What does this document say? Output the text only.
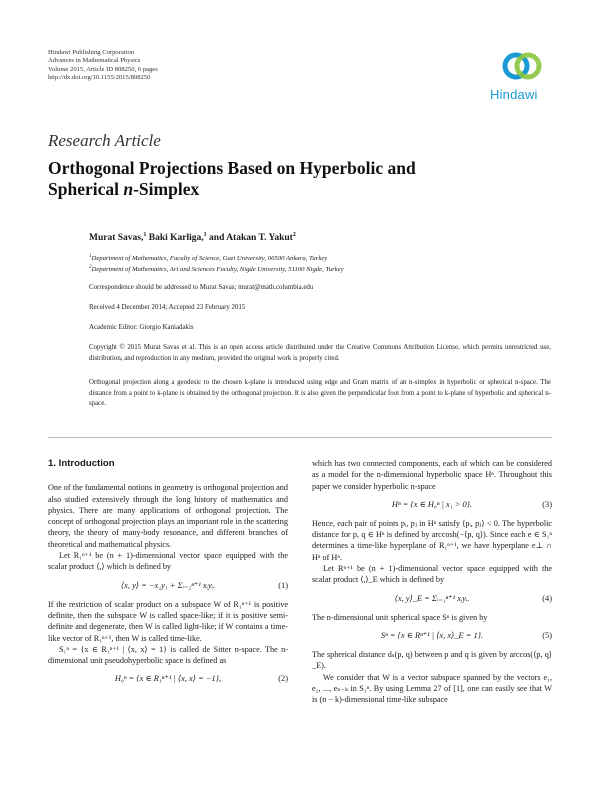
Hindawi Publishing Corporation
Advances in Mathematical Physics
Volume 2015, Article ID 808250, 6 pages
http://dx.doi.org/10.1155/2015/808250
Hindawi
Research Article
Orthogonal Projections Based on Hyperbolic and
Spherical n-Simplex
Murat Savas,$^1$ Baki Karliga,$^1$ and Atakan T. Yakut$^2$
$^1$Department of Mathematics, Faculty of Science, Gazi University, 06500 Ankara, Turkey
$^2$Department of Mathematics, Art and Sciences Faculty, Nigde University, 51100 Nigde, Turkey
Correspondence should be addressed to Murat Savas; murat@math.columbia.edu
Received 4 December 2014; Accepted 23 February 2015
Academic Editor: Giorgio Kaniadakis
Copyright © 2015 Murat Savas et al. This is an open access article distributed under the Creative Commons Attribution License, which permits unrestricted use, distribution, and reproduction in any medium, provided the original work is properly cited.
Orthogonal projection along a geodesic to the chosen k-plane is introduced using edge and Gram matrix of an n-simplex in hyperbolic or spherical n-space. The distance from a point to k-plane is obtained by the orthogonal projection. It is also given the perpendicular foot from a point to k-plane of hyperbolic and spherical n-space.
1. Introduction

One of the fundamental notions in geometry is orthogonal projection and also studied extensively through the long history of mathematics and physics. There are many applications of orthogonal projection. The concept of orthogonal projection plays an important role in the scattering theory, the theory of many-body resonance, and different branches of theoretical and mathematical physics.

Let R₁ⁿ⁺¹ be (n + 1)-dimensional vector space equipped with the scalar product ⟨,⟩ which is defined by

⟨x, y⟩ = −x₁y₁ + Σᵢ₌₂ⁿ⁺¹ xᵢyᵢ.	(1)

If the restriction of scalar product on a subspace W of R₁ⁿ⁺¹ is positive definite, then the subspace W is called space-like; if it is positive semi-definite and degenerate, then W is called light-like; if W contains a time-like vector of R₁ⁿ⁺¹, then W is called time-like.

S₁ⁿ = {x ∈ R₁ⁿ⁺¹ | ⟨x, x⟩ = 1} is called de Sitter n-space. The n-dimensional unit pseudohyperbolic space is defined as

H₀ⁿ = {x ∈ R₁ⁿ⁺¹ | ⟨x, x⟩ = −1},	(2)

which has two connected components, each of which can be considered as a model for the n-dimensional hyperbolic space Hⁿ. Throughout this paper we consider hyperbolic n-space

Hⁿ = {x ∈ H₀ⁿ | x₁ > 0}.	(3)

Hence, each pair of points pᵢ, pⱼ in Hⁿ satisfy ⟨pᵢ, pⱼ⟩ < 0. The hyperbolic distance for p, q ∈ Hⁿ is defined by arccosh(−⟨p, q⟩). Since each e ∈ S₁ⁿ determines a time-like hyperplane of R₁ⁿ⁺¹, we have hyperplane e⊥ ∩ Hⁿ of Hⁿ.

Let Rⁿ⁺¹ be (n + 1)-dimensional vector space equipped with the scalar product ⟨,⟩_E which is defined by

⟨x, y⟩_E = Σᵢ₌₁ⁿ⁺¹ xᵢyᵢ.	(4)

The n-dimensional unit spherical space Sⁿ is given by

Sⁿ = {x ∈ Rⁿ⁺¹ | ⟨x, x⟩_E = 1}.	(5)

The spherical distance dₛ(p, q) between p and q is given by arccos(⟨p, q⟩_E).

We consider that W is a vector subspace spanned by the vectors e₁, e₂, ..., eₙ₋ₖ in S₁ⁿ. By using Lemma 27 of [1], one can easily see that W is (n − k)-dimensional time-like subspace
